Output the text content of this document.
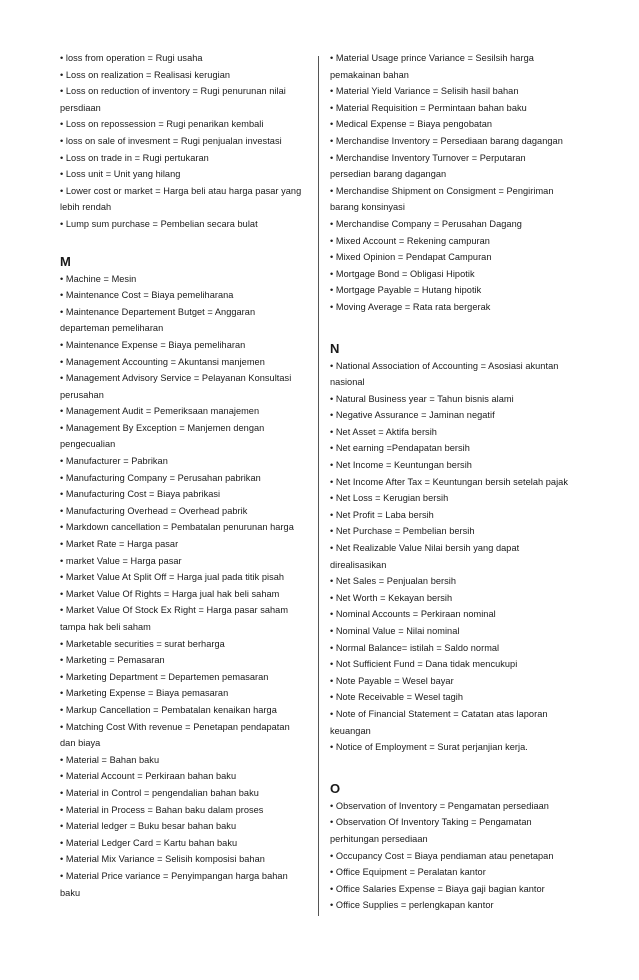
• loss from operation = Rugi usaha
• Loss on realization = Realisasi kerugian
• Loss on reduction of inventory = Rugi penurunan nilai
persdiaan
• Loss on repossession = Rugi penarikan kembali
• loss on sale of invesment = Rugi penjualan investasi
• Loss on trade in = Rugi pertukaran
• Loss unit = Unit yang hilang
• Lower cost or market = Harga beli atau harga pasar yang
lebih rendah
• Lump sum purchase = Pembelian secara bulat
M
• Machine = Mesin
• Maintenance Cost = Biaya pemeliharana
• Maintenance Departement Butget = Anggaran
departeman pemeliharan
• Maintenance Expense = Biaya pemeliharan
• Management Accounting = Akuntansi manjemen
• Management Advisory Service = Pelayanan Konsultasi
perusahan
• Management Audit = Pemeriksaan manajemen
• Management By Exception = Manjemen dengan
pengecualian
• Manufacturer = Pabrikan
• Manufacturing Company = Perusahan pabrikan
• Manufacturing Cost = Biaya pabrikasi
• Manufacturing Overhead = Overhead pabrik
• Markdown cancellation = Pembatalan penurunan harga
• Market Rate = Harga pasar
• market Value = Harga pasar
• Market Value At Split Off = Harga jual pada titik pisah
• Market Value Of Rights = Harga jual hak beli saham
• Market Value Of Stock Ex Right = Harga pasar saham
tampa hak beli saham
• Marketable securities = surat berharga
• Marketing = Pemasaran
• Marketing Department = Departemen pemasaran
• Marketing Expense = Biaya pemasaran
• Markup Cancellation = Pembatalan kenaikan harga
• Matching Cost With revenue = Penetapan pendapatan
dan biaya
• Material = Bahan baku
• Material Account = Perkiraan bahan baku
• Material in Control = pengendalian bahan baku
• Material in Process = Bahan baku dalam proses
• Material ledger = Buku besar bahan baku
• Material Ledger Card = Kartu bahan baku
• Material Mix Variance = Selisih komposisi bahan
• Material Price variance = Penyimpangan harga bahan
baku
• Material Usage prince Variance = Sesilsih harga
pemakainan bahan
• Material Yield Variance = Selisih hasil bahan
• Material Requisition = Permintaan bahan baku
• Medical Expense = Biaya pengobatan
• Merchandise Inventory = Persediaan barang dagangan
• Merchandise Inventory Turnover = Perputaran
persedian barang dagangan
• Merchandise Shipment on Consigment = Pengiriman
barang konsinyasi
• Merchandise Company = Perusahan Dagang
• Mixed Account = Rekening campuran
• Mixed Opinion = Pendapat Campuran
• Mortgage Bond = Obligasi Hipotik
• Mortgage Payable = Hutang hipotik
• Moving Average = Rata rata bergerak
N
• National Association of Accounting = Asosiasi akuntan
nasional
• Natural Business year = Tahun bisnis alami
• Negative Assurance = Jaminan negatif
• Net Asset = Aktifa bersih
• Net earning =Pendapatan bersih
• Net Income = Keuntungan bersih
• Net Income After Tax = Keuntungan bersih setelah pajak
• Net Loss = Kerugian bersih
• Net Profit = Laba bersih
• Net Purchase = Pembelian bersih
• Net Realizable Value Nilai bersih yang dapat
direalisasikan
• Net Sales = Penjualan bersih
• Net Worth = Kekayan bersih
• Nominal Accounts = Perkiraan nominal
• Nominal Value = Nilai nominal
• Normal Balance= istilah = Saldo normal
• Not Sufficient Fund = Dana tidak mencukupi
• Note Payable = Wesel bayar
• Note Receivable = Wesel tagih
• Note of Financial Statement = Catatan atas laporan
keuangan
• Notice of Employment = Surat perjanjian kerja.
O
• Observation of Inventory = Pengamatan persediaan
• Observation Of Inventory Taking = Pengamatan
perhitungan persediaan
• Occupancy Cost = Biaya pendiaman atau penetapan
• Office Equipment = Peralatan kantor
• Office Salaries Expense = Biaya gaji bagian kantor
• Office Supplies = perlengkapan kantor
